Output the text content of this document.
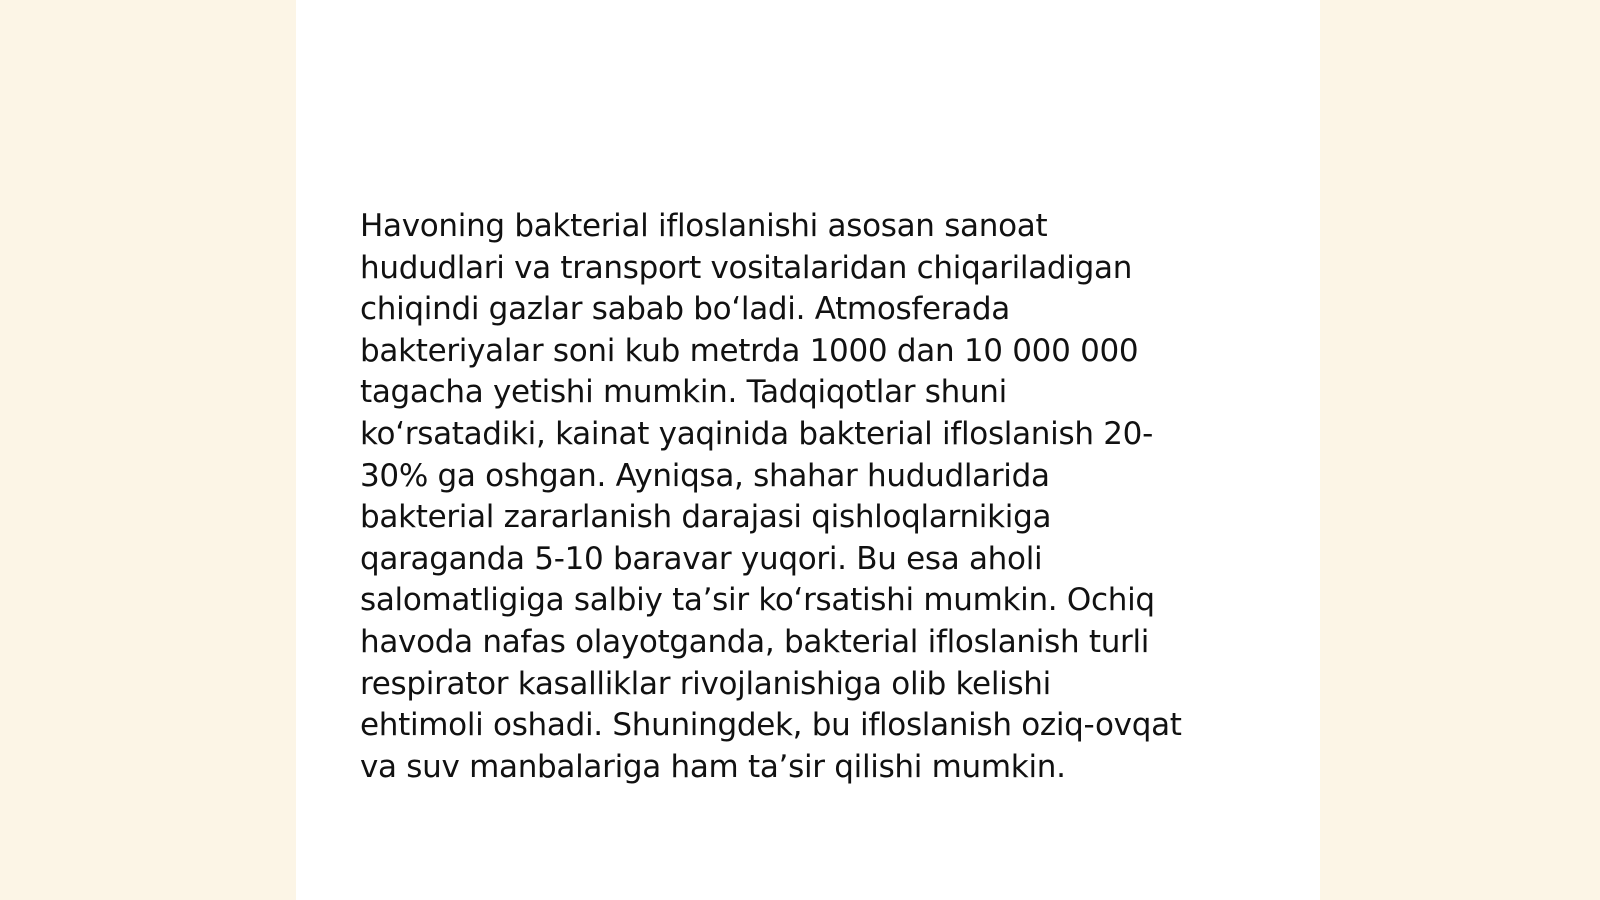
Havoning bakterial ifloslanishi asosan sanoat
hududlari va transport vositalaridan chiqariladigan
chiqindi gazlar sabab boʻladi. Atmosferada
bakteriyalar soni kub metrda 1000 dan 10 000 000
tagacha yetishi mumkin. Tadqiqotlar shuni
koʻrsatadiki, kainat yaqinida bakterial ifloslanish 20-
30% ga oshgan. Ayniqsa, shahar hududlarida
bakterial zararlanish darajasi qishloqlarnikiga
qaraganda 5-10 baravar yuqori. Bu esa aholi
salomatligiga salbiy taʼsir koʻrsatishi mumkin. Ochiq
havoda nafas olayotganda, bakterial ifloslanish turli
respirator kasalliklar rivojlanishiga olib kelishi
ehtimoli oshadi. Shuningdek, bu ifloslanish oziq-ovqat
va suv manbalariga ham taʼsir qilishi mumkin.
